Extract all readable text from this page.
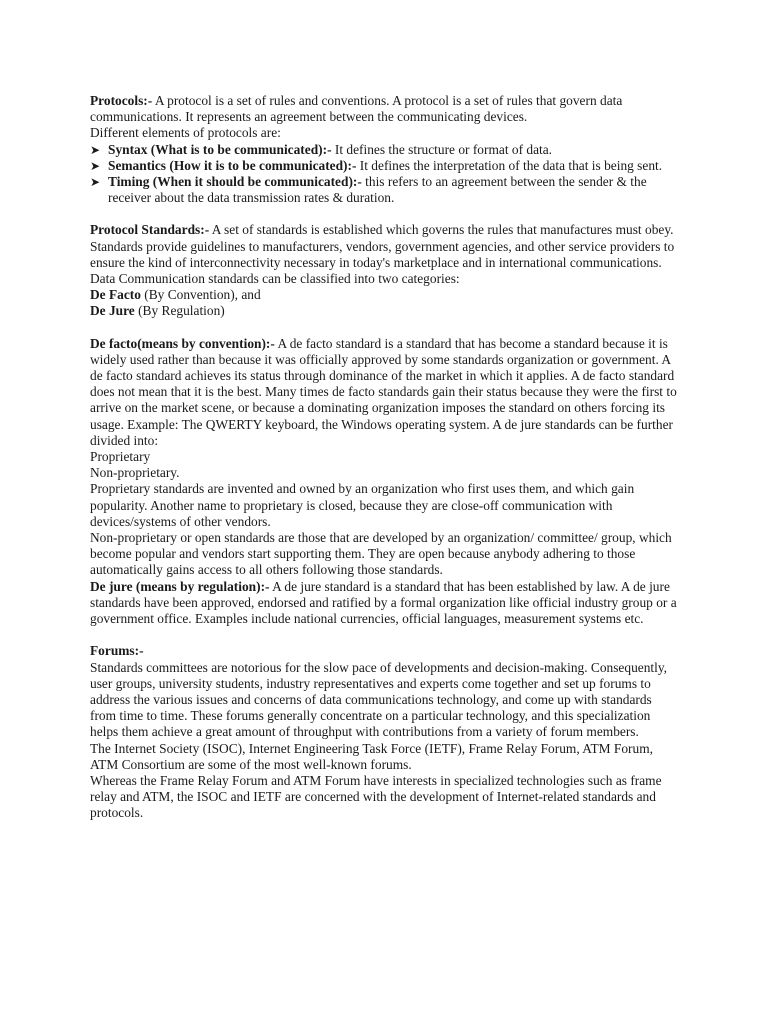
Protocols:- A protocol is a set of rules and conventions. A protocol is a set of rules that govern data communications. It represents an agreement between the communicating devices.

Different elements of protocols are:

➤ Syntax (What is to be communicated):- It defines the structure or format of data.
➤ Semantics (How it is to be communicated):- It defines the interpretation of the data that is being sent.
➤ Timing (When it should be communicated):- this refers to an agreement between the sender & the receiver about the data transmission rates & duration.

Protocol Standards:- A set of standards is established which governs the rules that manufactures must obey. Standards provide guidelines to manufacturers, vendors, government agencies, and other service providers to ensure the kind of interconnectivity necessary in today's marketplace and in international communications.

Data Communication standards can be classified into two categories:

De Facto (By Convention), and

De Jure (By Regulation)

De facto(means by convention):- A de facto standard is a standard that has become a standard because it is widely used rather than because it was officially approved by some standards organization or government. A de facto standard achieves its status through dominance of the market in which it applies. A de facto standard does not mean that it is the best. Many times de facto standards gain their status because they were the first to arrive on the market scene, or because a dominating organization imposes the standard on others forcing its usage. Example: The QWERTY keyboard, the Windows operating system. A de jure standards can be further divided into:

Proprietary

Non-proprietary.

Proprietary standards are invented and owned by an organization who first uses them, and which gain popularity. Another name to proprietary is closed, because they are close-off communication with devices/systems of other vendors.

Non-proprietary or open standards are those that are developed by an organization/ committee/ group, which become popular and vendors start supporting them. They are open because anybody adhering to those automatically gains access to all others following those standards.

De jure (means by regulation):- A de jure standard is a standard that has been established by law. A de jure standards have been approved, endorsed and ratified by a formal organization like official industry group or a government office. Examples include national currencies, official languages, measurement systems etc.

Forums:-

Standards committees are notorious for the slow pace of developments and decision-making. Consequently, user groups, university students, industry representatives and experts come together and set up forums to address the various issues and concerns of data communications technology, and come up with standards from time to time. These forums generally concentrate on a particular technology, and this specialization helps them achieve a great amount of throughput with contributions from a variety of forum members.

The Internet Society (ISOC), Internet Engineering Task Force (IETF), Frame Relay Forum, ATM Forum, ATM Consortium are some of the most well-known forums.

Whereas the Frame Relay Forum and ATM Forum have interests in specialized technologies such as frame relay and ATM, the ISOC and IETF are concerned with the development of Internet-related standards and protocols.
